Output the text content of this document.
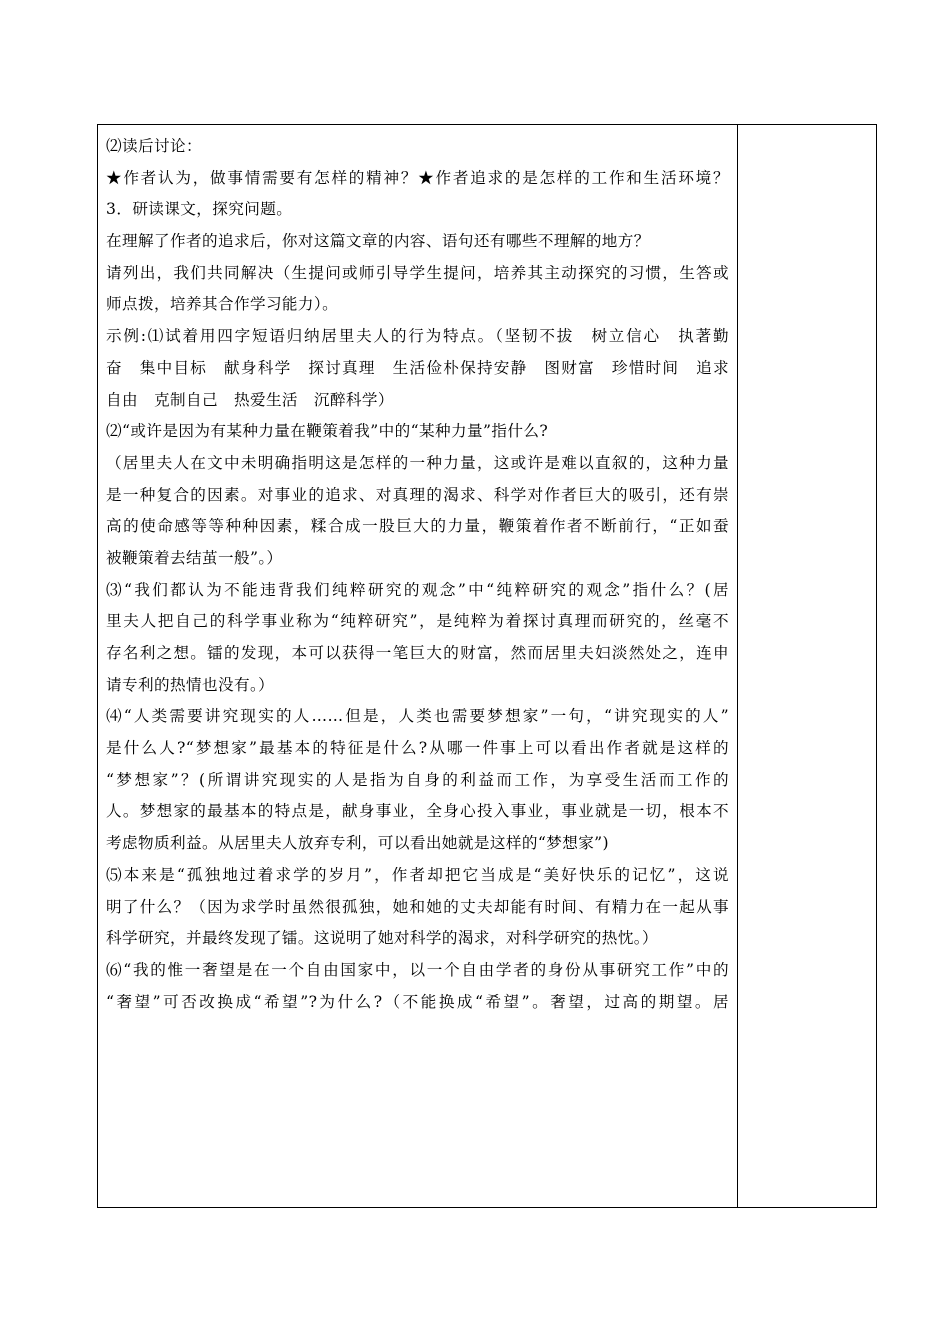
⑵读后讨论：
★作者认为，做事情需要有怎样的精神？★作者追求的是怎样的工作和生活环境？
3．研读课文，探究问题。
在理解了作者的追求后，你对这篇文章的内容、语句还有哪些不理解的地方？
请列出，我们共同解决（生提问或师引导学生提问，培养其主动探究的习惯，生答或
师点拨，培养其合作学习能力）。
示例:⑴试着用四字短语归纳居里夫人的行为特点。（坚韧不拔　树立信心　执著勤
奋　集中目标　献身科学　探讨真理　生活俭朴保持安静　图财富　珍惜时间　追求
自由　克制自己　热爱生活　沉醉科学）
⑵“或许是因为有某种力量在鞭策着我”中的“某种力量”指什么?
（居里夫人在文中未明确指明这是怎样的一种力量，这或许是难以直叙的，这种力量
是一种复合的因素。对事业的追求、对真理的渴求、科学对作者巨大的吸引，还有崇
高的使命感等等种种因素，糅合成一股巨大的力量，鞭策着作者不断前行，“正如蚕
被鞭策着去结茧一般”。）
⑶“我们都认为不能违背我们纯粹研究的观念”中“纯粹研究的观念”指什么？(居
里夫人把自己的科学事业称为“纯粹研究”，是纯粹为着探讨真理而研究的，丝毫不
存名利之想。镭的发现，本可以获得一笔巨大的财富，然而居里夫妇淡然处之，连申
请专利的热情也没有。）
⑷“人类需要讲究现实的人……但是，人类也需要梦想家”一句，“讲究现实的人”
是什么人?“梦想家”最基本的特征是什么?从哪一件事上可以看出作者就是这样的
“梦想家”？(所谓讲究现实的人是指为自身的利益而工作，为享受生活而工作的
人。梦想家的最基本的特点是，献身事业，全身心投入事业，事业就是一切，根本不
考虑物质利益。从居里夫人放弃专利，可以看出她就是这样的“梦想家”)
⑸本来是“孤独地过着求学的岁月”，作者却把它当成是“美好快乐的记忆”，这说
明了什么？（因为求学时虽然很孤独，她和她的丈夫却能有时间、有精力在一起从事
科学研究，并最终发现了镭。这说明了她对科学的渴求，对科学研究的热忱。）
⑹“我的惟一奢望是在一个自由国家中，以一个自由学者的身份从事研究工作”中的
“奢望”可否改换成“希望”?为什么?（不能换成“希望”。奢望，过高的期望。居
